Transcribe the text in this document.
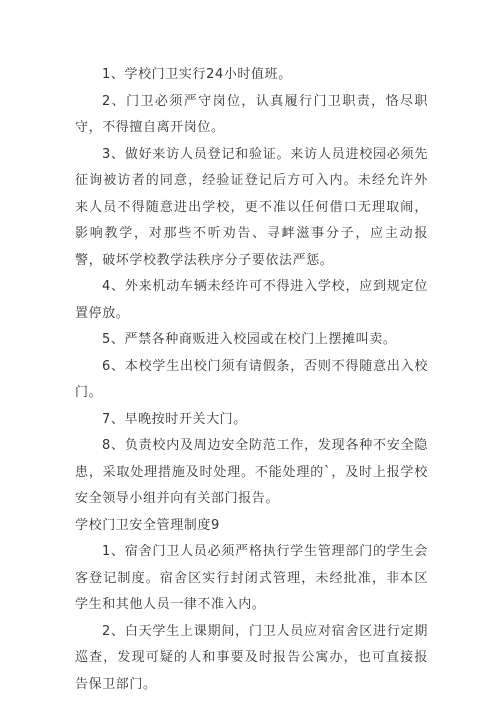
1、学校门卫实行24小时值班。

2、门卫必须严守岗位，认真履行门卫职责，恪尽职守，不得擅自离开岗位。

3、做好来访人员登记和验证。来访人员进校园必须先征询被访者的同意，经验证登记后方可入内。未经允许外来人员不得随意进出学校，更不准以任何借口无理取闹，影响教学，对那些不听劝告、寻衅滋事分子，应主动报警，破坏学校教学法秩序分子要依法严惩。

4、外来机动车辆未经许可不得进入学校，应到规定位置停放。

5、严禁各种商贩进入校园或在校门上摆摊叫卖。

6、本校学生出校门须有请假条，否则不得随意出入校门。

7、早晚按时开关大门。

8、负责校内及周边安全防范工作，发现各种不安全隐患，采取处理措施及时处理。不能处理的`，及时上报学校安全领导小组并向有关部门报告。

学校门卫安全管理制度9

1、宿舍门卫人员必须严格执行学生管理部门的学生会客登记制度。宿舍区实行封闭式管理，未经批准，非本区学生和其他人员一律不准入内。

2、白天学生上课期间，门卫人员应对宿舍区进行定期巡查，发现可疑的人和事要及时报告公寓办，也可直接报告保卫部门。
